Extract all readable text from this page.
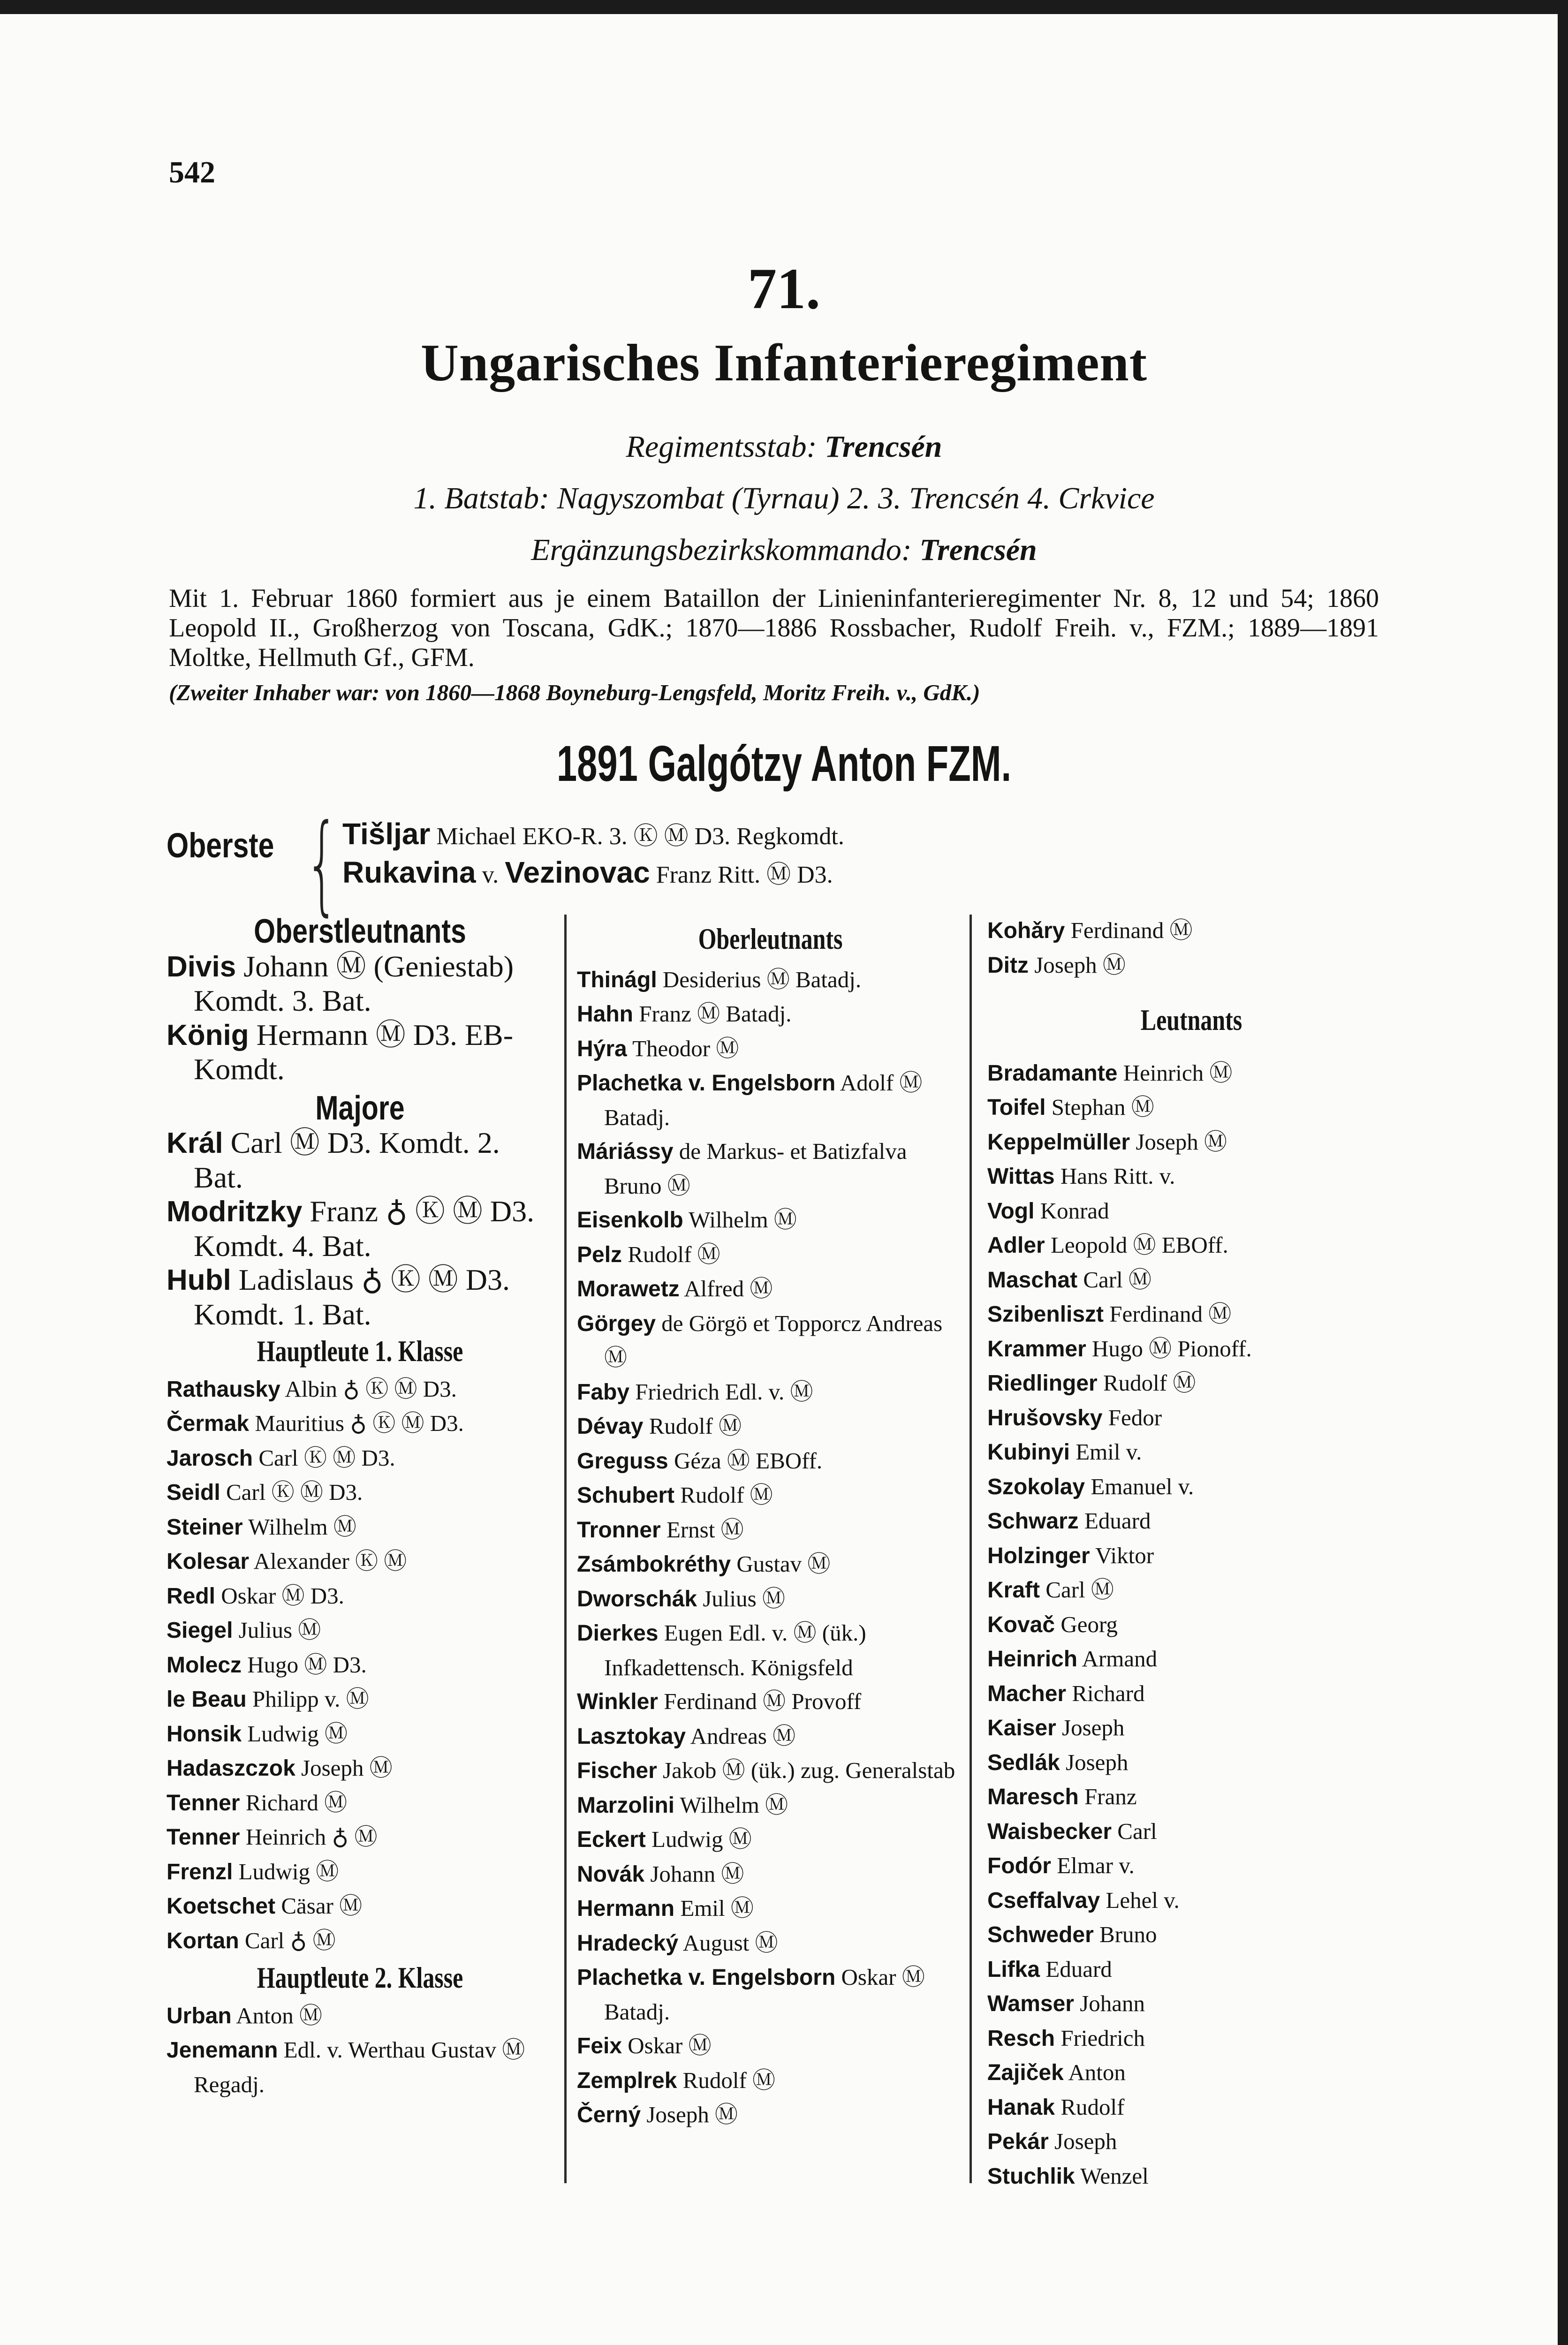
542
71.
Ungarisches Infanterieregiment
Regimentsstab: Trencsén
1. Batstab: Nagyszombat (Tyrnau) 2. 3. Trencsén 4. Crkvice
Ergänzungsbezirkskommando: Trencsén
Mit 1. Februar 1860 formiert aus je einem Bataillon der Linieninfanterieregimenter Nr. 8, 12 und 54; 1860 Leopold II., Großherzog von Toscana, GdK.; 1870—1886 Rossbacher, Rudolf Freih. v., FZM.; 1889—1891 Moltke, Hellmuth Gf., GFM.
(Zweiter Inhaber war: von 1860—1868 Boyneburg-Lengsfeld, Moritz Freih. v., GdK.)
1891 Galgótzy Anton FZM.
Oberste { Tišljar Michael EKO-R. 3. Ⓚ Ⓜ D3. Regkomdt.
Rukavina v. Vezinovac Franz Ritt. Ⓜ D3.
Oberstleutnants
Divis Johann Ⓜ (Geniestab) Komdt. 3. Bat.
König Hermann Ⓜ D3. EB-Komdt.
Majore
Král Carl Ⓜ D3. Komdt. 2. Bat.
Modritzky Franz ♁ Ⓚ Ⓜ D3. Komdt. 4. Bat.
Hubl Ladislaus ♁ Ⓚ Ⓜ D3. Komdt. 1. Bat.
Hauptleute 1. Klasse
Rathausky Albin ♁ Ⓚ Ⓜ D3.
Čermak Mauritius ♁ Ⓚ Ⓜ D3.
Jarosch Carl Ⓚ Ⓜ D3.
Seidl Carl Ⓚ Ⓜ D3.
Steiner Wilhelm Ⓜ
Kolesar Alexander Ⓚ Ⓜ
Redl Oskar Ⓜ D3.
Siegel Julius Ⓜ
Molecz Hugo Ⓜ D3.
le Beau Philipp v. Ⓜ
Honsik Ludwig Ⓜ
Hadaszczok Joseph Ⓜ
Tenner Richard Ⓜ
Tenner Heinrich ♁ Ⓜ
Frenzl Ludwig Ⓜ
Koetschet Cäsar Ⓜ
Kortan Carl ♁ Ⓜ
Hauptleute 2. Klasse
Urban Anton Ⓜ
Jenemann Edl. v. Werthau Gustav Ⓜ Regadj.
Oberleutnants
Thinágl Desiderius Ⓜ Batadj.
Hahn Franz Ⓜ Batadj.
Hýra Theodor Ⓜ
Plachetka v. Engelsborn Adolf Ⓜ Batadj.
Máriássy de Markus- et Batizfalva Bruno Ⓜ
Eisenkolb Wilhelm Ⓜ
Pelz Rudolf Ⓜ
Morawetz Alfred Ⓜ
Görgey de Görgö et Topporcz Andreas Ⓜ
Faby Friedrich Edl. v. Ⓜ
Dévay Rudolf Ⓜ
Greguss Géza Ⓜ EBOff.
Schubert Rudolf Ⓜ
Tronner Ernst Ⓜ
Zsámbokréthy Gustav Ⓜ
Dworschák Julius Ⓜ
Dierkes Eugen Edl. v. Ⓜ (ük.) Infkadettensch. Königsfeld
Winkler Ferdinand Ⓜ Provoff
Lasztokay Andreas Ⓜ
Fischer Jakob Ⓜ (ük.) zug. Generalstab
Marzolini Wilhelm Ⓜ
Eckert Ludwig Ⓜ
Novák Johann Ⓜ
Hermann Emil Ⓜ
Hradecký August Ⓜ
Plachetka v. Engelsborn Oskar Ⓜ Batadj.
Feix Oskar Ⓜ
Zemplrek Rudolf Ⓜ
Černý Joseph Ⓜ
Kohǎry Ferdinand Ⓜ
Ditz Joseph Ⓜ
Leutnants
Bradamante Heinrich Ⓜ
Toifel Stephan Ⓜ
Keppelmüller Joseph Ⓜ
Wittas Hans Ritt. v.
Vogl Konrad
Adler Leopold Ⓜ EBOff.
Maschat Carl Ⓜ
Szibenliszt Ferdinand Ⓜ
Krammer Hugo Ⓜ Pionoff.
Riedlinger Rudolf Ⓜ
Hrušovsky Fedor
Kubinyi Emil v.
Szokolay Emanuel v.
Schwarz Eduard
Holzinger Viktor
Kraft Carl Ⓜ
Kovač Georg
Heinrich Armand
Macher Richard
Kaiser Joseph
Sedlák Joseph
Maresch Franz
Waisbecker Carl
Fodór Elmar v.
Cseffalvay Lehel v.
Schweder Bruno
Lifka Eduard
Wamser Johann
Resch Friedrich
Zajiček Anton
Hanak Rudolf
Pekár Joseph
Stuchlik Wenzel
